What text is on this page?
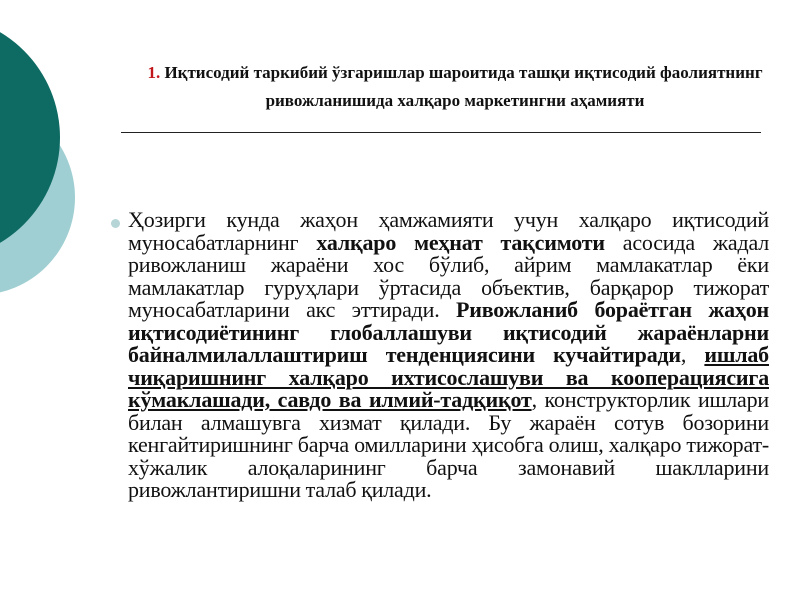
1. Иқтисодий таркибий ўзгаришлар шароитида ташқи иқтисодий фаолиятнинг ривожланишида халқаро маркетингни аҳамияти
Ҳозирги кунда жаҳон ҳамжамияти учун халқаро иқтисодий муносабатларнинг халқаро меҳнат тақсимоти асосида жадал ривожланиш жараёни хос бўлиб, айрим мамлакатлар ёки мамлакатлар гуруҳлари ўртасида объектив, барқарор тижорат муносабатларини акс эттиради. Ривожланиб бораётган жаҳон иқтисодиётининг глобаллашуви иқтисодий жараёнларни байналмилаллаштириш тенденциясини кучайтиради, ишлаб чиқаришнинг халқаро ихтисослашуви ва кооперациясига кўмаклашади, савдо ва илмий-тадқиқот, конструкторлик ишлари билан алмашувга хизмат қилади. Бу жараён сотув бозорини кенгайтиришнинг барча омилларини ҳисобга олиш, халқаро тижорат-хўжалик алоқаларининг барча замонавий шаклларини ривожлантиришни талаб қилади.
